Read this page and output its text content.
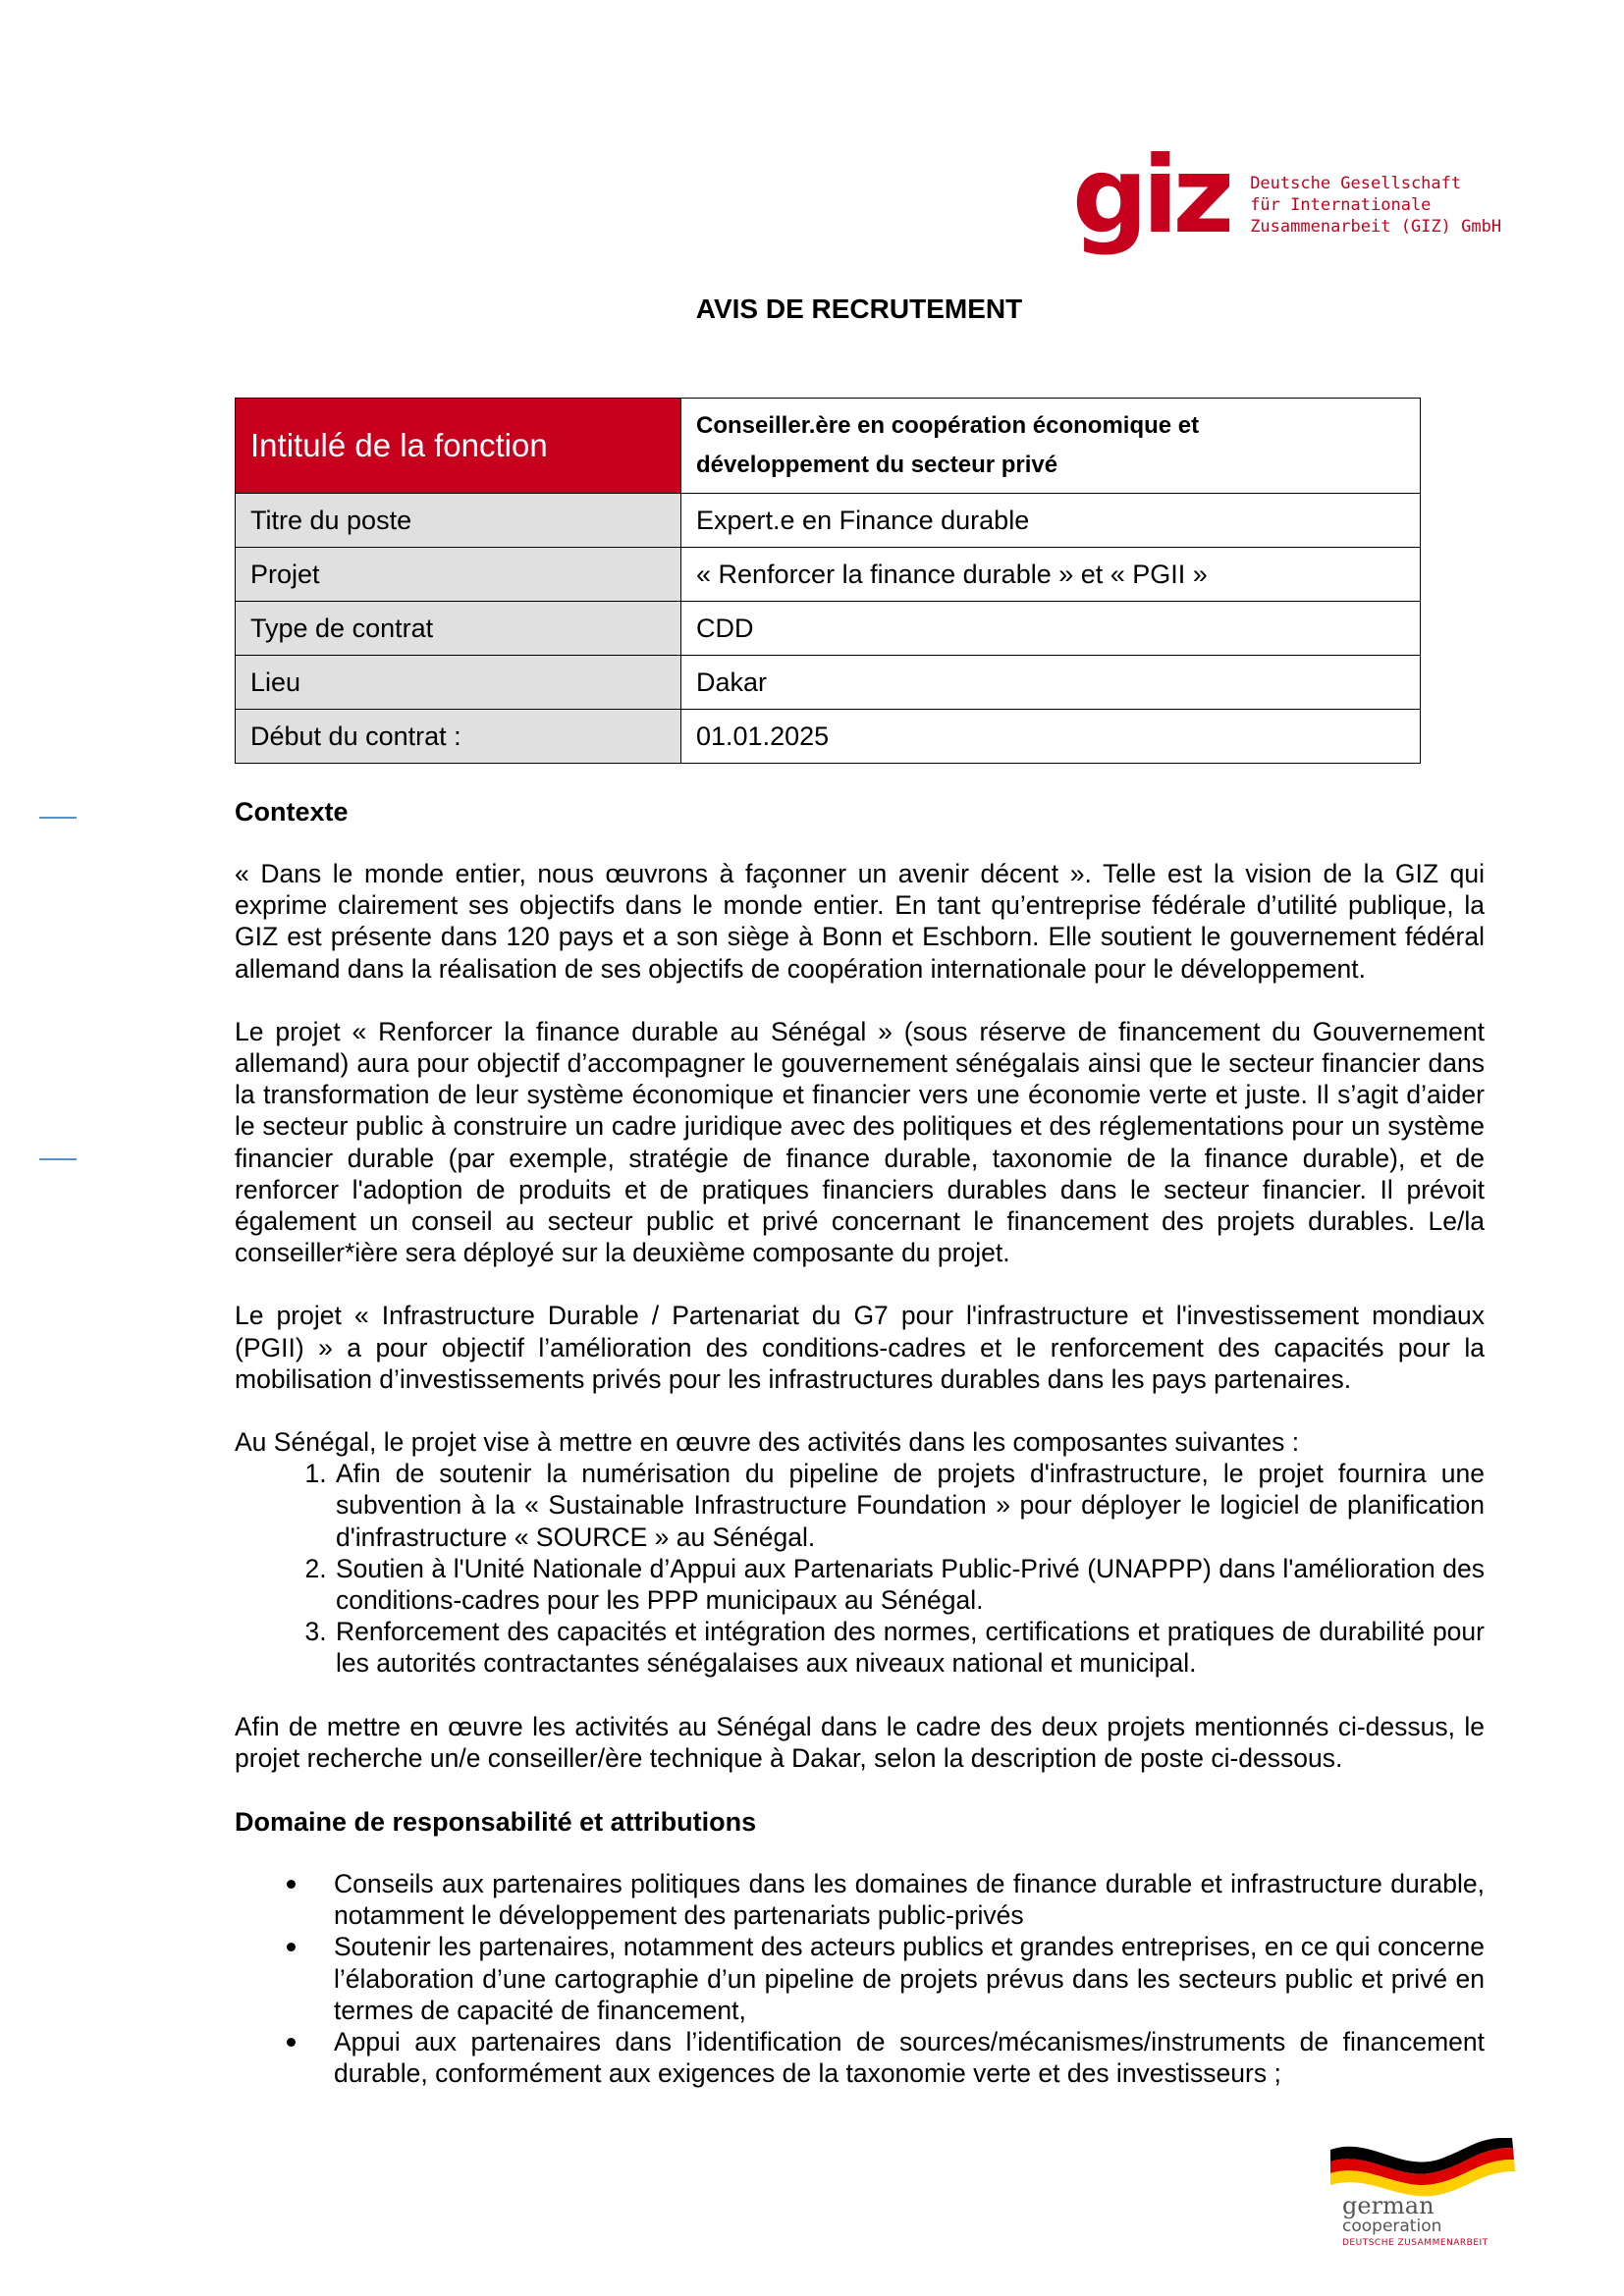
giz Deutsche Gesellschaft
für Internationale
Zusammenarbeit (GIZ) GmbH
AVIS DE RECRUTEMENT
Intitulé de la fonction	Conseiller.ère en coopération économique et
développement du secteur privé

Titre du poste	Expert.e en Finance durable
Projet	« Renforcer la finance durable » et « PGII »
Type de contrat	CDD
Lieu	Dakar
Début du contrat :	01.01.2025
Contexte

« Dans le monde entier, nous œuvrons à façonner un avenir décent ». Telle est la vision de la GIZ qui exprime clairement ses objectifs dans le monde entier. En tant qu’entreprise fédérale d’utilité publique, la GIZ est présente dans 120 pays et a son siège à Bonn et Eschborn. Elle soutient le gouvernement fédéral allemand dans la réalisation de ses objectifs de coopération internationale pour le développement.

Le projet « Renforcer la finance durable au Sénégal » (sous réserve de financement du Gouvernement allemand) aura pour objectif d’accompagner le gouvernement sénégalais ainsi que le secteur financier dans la transformation de leur système économique et financier vers une économie verte et juste. Il s’agit d’aider le secteur public à construire un cadre juridique avec des politiques et des réglementations pour un système financier durable (par exemple, stratégie de finance durable, taxonomie de la finance durable), et de renforcer l'adoption de produits et de pratiques financiers durables dans le secteur financier. Il prévoit également un conseil au secteur public et privé concernant le financement des projets durables. Le/la conseiller*ière sera déployé sur la deuxième composante du projet.

Le projet « Infrastructure Durable / Partenariat du G7 pour l'infrastructure et l'investissement mondiaux (PGII) » a pour objectif l’amélioration des conditions-cadres et le renforcement des capacités pour la mobilisation d’investissements privés pour les infrastructures durables dans les pays partenaires.

Au Sénégal, le projet vise à mettre en œuvre des activités dans les composantes suivantes :

1. Afin de soutenir la numérisation du pipeline de projets d'infrastructure, le projet fournira une subvention à la « Sustainable Infrastructure Foundation » pour déployer le logiciel de planification d'infrastructure « SOURCE » au Sénégal.
2. Soutien à l'Unité Nationale d’Appui aux Partenariats Public-Privé (UNAPPP) dans l'amélioration des conditions-cadres pour les PPP municipaux au Sénégal.
3. Renforcement des capacités et intégration des normes, certifications et pratiques de durabilité pour les autorités contractantes sénégalaises aux niveaux national et municipal.

Afin de mettre en œuvre les activités au Sénégal dans le cadre des deux projets mentionnés ci-dessus, le projet recherche un/e conseiller/ère technique à Dakar, selon la description de poste ci-dessous.

Domaine de responsabilité et attributions
Conseils aux partenaires politiques dans les domaines de finance durable et infrastructure durable, notamment le développement des partenariats public-privés
Soutenir les partenaires, notamment des acteurs publics et grandes entreprises, en ce qui concerne l’élaboration d’une cartographie d’un pipeline de projets prévus dans les secteurs public et privé en termes de capacité de financement,
Appui aux partenaires dans l’identification de sources/mécanismes/instruments de financement durable, conformément aux exigences de la taxonomie verte et des investisseurs ;
german
cooperation
DEUTSCHE ZUSAMMENARBEIT
